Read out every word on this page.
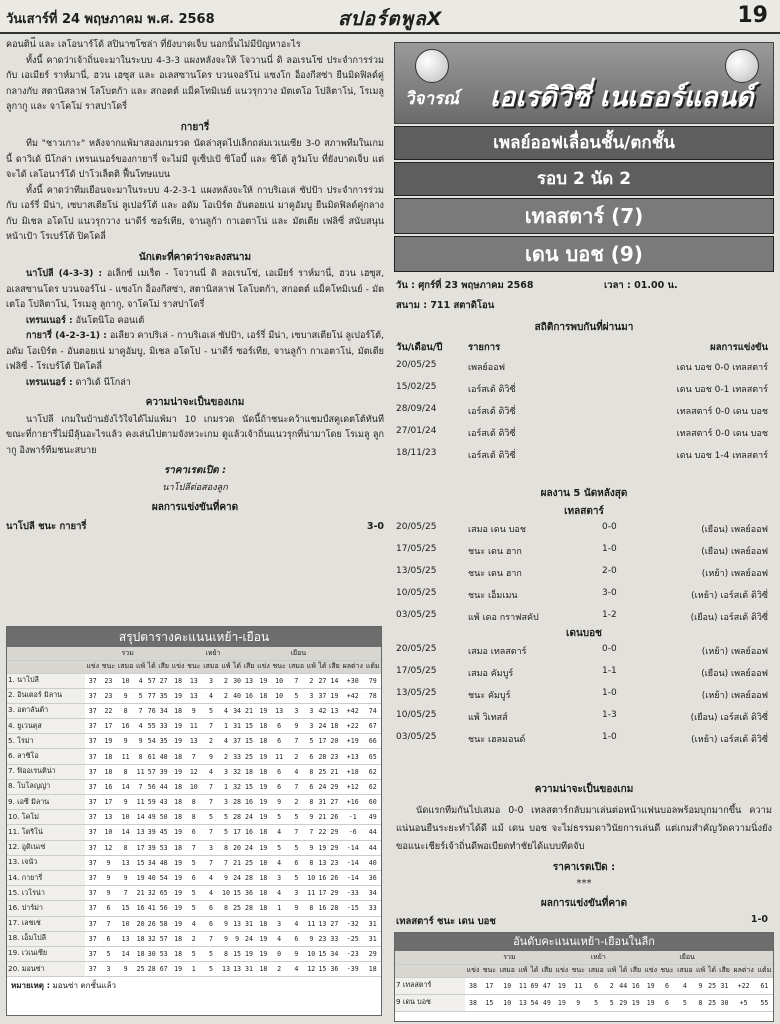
วันเสาร์ที่ 24 พฤษภาคม พ.ศ. 2568	สปอร์ตพูลX	19

คอนติน่ี และ เลโอนาร์โด้ สปินาซโซล่า ที่ยังบาดเจ็บ นอกนั้นไม่มีปัญหาอะไร

ทั้งนี้ คาดว่าเจ้าถิ่นจะมาในระบบ 4-3-3 แผงหลังจะให้ โจวานนี่ ดิ ลอเรนโซ่ ประจำการร่วมกับ เอเมียร์ ราห์มานี่, ฮวน เฮซุส และ อเลสซานโดร บวนจอร์โน่ แซงโก อ็องกีสซ่า ยืนมิดฟิลด์คู่กลางกับ สตานิสลาฟ โลโบตก้า และ สกอตต์ แม็คโทมิเนย์ แนวรุกวาง มัตเตโอ โปลิตาโน่, โรเมลู ลูกากู และ จาโคโม่ ราสปาโดรี่

กายารี่

ทีม "ชาวเกาะ" หลังจากแพ้มาสองเกมรวด นัดล่าสุดไปเล็กถล่มเวเนเซีย 3-0 สภาพทีมในเกมนี้ ดาวิเด้ นีโกล่า เทรนเนอร์ของกายารี่ จะไม่มี จูเซ็ปเป้ ซิโอบี้ และ ซิโต้ ลูวัมโบ ที่ยังบาดเจ็บ แต่จะได้ เลโอนาร์โด้ ปาโวเล็ตติ ฟื้นโทษแบน

ทั้งนี้ คาดว่าทีมเยือนจะมาในระบบ 4-2-3-1 แผงหลังจะให้ กาบริเอเล่ ซัปป้า ประจำการร่วมกับ เอร์รี่ มีน่า, เซบาสเตียโน่ ลูเปอร์โต้ และ อดัม โอเบิร์ต อันตอยเน่ มาคูอัมบู ยืนมิดฟิลด์คู่กลางกับ มิเชล อโดโป แนวรุกวาง นาดีร์ ซอร์เทีย, จานลูก้า กาเอตาโน่ และ มัตเตีย เฟลิซี่ สนับสนุนหน้าเป้า โรเบร์โต้ ปิคโคลี่

นักเตะที่คาดว่าจะลงสนาม

นาโปลี (4-3-3) : อเล็กซ์ เมเร็ต - โจวานนี่ ดิ ลอเรนโซ่, เอเมียร์ ราห์มานี่, ฮวน เฮซุส, อเลสซานโดร บวนจอร์โน่ - แซงโก อ็องกีสซ่า, สตานิสลาฟ โลโบตก้า, สกอตต์ แม็คโทมิเนย์ - มัตเตโอ โปลิตาโน่, โรเมลู ลูกากู, จาโคโม่ ราสปาโดรี่

เทรนเนอร์ : อันโตนิโอ คอนเต้

กายารี่ (4-2-3-1) : อเลียว คาปริเล่ - กาบริเอเล่ ซัปป้า, เอร์รี่ มีน่า, เซบาสเตียโน่ ลูเปอร์โต้, อดัม โอเบิร์ต - อันตอยเน่ มาคูอัมบู, มิเชล อโดโป - นาดีร์ ซอร์เทีย, จานลูก้า กาเอตาโน่, มัตเตีย เฟลิซี่ - โรเบร์โต้ ปิคโคลี่

เทรนเนอร์ : ดาวิเด้ นีโกล่า

ความน่าจะเป็นของเกม

นาโปลี เกมในบ้านยังไว้ใจได้ไม่แพ้มา 10 เกมรวด นัดนี้ถ้าชนะคว้าแชมป์สคูเดตโต้ทันที ขณะที่กายารี่ไม่มีลุ้นอะไรแล้ว คงเล่นไปตามจังหวะเกม ดูแล้วเจ้าถิ่นแนวรุกที่น่ามาโดย โรเมลู ลูกากู อิงพาร์ทีมชนะสบาย

ราคาเรตเปิด :
นาโปลีต่อสองลูก
ผลการแข่งขันที่คาด
นาโปลี ชนะ กายารี่	3-0
สรุปตารางคะแนนเหย้า-เยือน
	รวม						เหย้า						เยือน							
	แข่ง	ชนะ	เสมอ	แพ้	ได้	เสีย	แข่ง	ชนะ	เสมอ	แพ้	ได้	เสีย	แข่ง	ชนะ	เสมอ	แพ้	ได้	เสีย	ผลต่าง	แต้ม
1. นาโปลี	37	23	10	4	57	27	18	13	3	2	30	13	19	10	7	2	27	14	+30	79
2. อินเตอร์ มิลาน	37	23	9	5	77	35	19	13	4	2	40	16	18	10	5	3	37	19	+42	78
3. อตาลันต้า	37	22	8	7	76	34	18	9	5	4	34	21	19	13	3	3	42	13	+42	74
4. ยูเวนตุส	37	17	16	4	55	33	19	11	7	1	31	15	18	6	9	3	24	18	+22	67
5. โรม่า	37	19	9	9	54	35	19	13	2	4	37	15	18	6	7	5	17	20	+19	66
6. ลาซิโอ	37	18	11	8	61	48	18	7	9	2	33	25	19	11	2	6	28	23	+13	65
7. ฟิออเรนติน่า	37	18	8	11	57	39	19	12	4	3	32	18	18	6	4	8	25	21	+18	62
8. โบโลญญ่า	37	16	14	7	56	44	18	10	7	1	32	15	19	6	7	6	24	29	+12	62
9. เอซี มิลาน	37	17	9	11	59	43	18	8	7	3	28	16	19	9	2	8	31	27	+16	60
10. โคโม่	37	13	10	14	49	50	18	8	5	5	28	24	19	5	5	9	21	26	-1	49
11. โตริโน่	37	10	14	13	39	45	19	6	7	5	17	16	18	4	7	7	22	29	-6	44
12. อูดิเนเซ่	37	12	8	17	39	53	18	7	3	8	20	24	19	5	5	9	19	29	-14	44
13. เจนัว	37	9	13	15	34	48	19	5	7	7	21	25	18	4	6	8	13	23	-14	40
14. กายารี่	37	9	9	19	40	54	19	6	4	9	24	28	18	3	5	10	16	26	-14	36
15. เวโรน่า	37	9	7	21	32	65	19	5	4	10	15	36	18	4	3	11	17	29	-33	34
16. ปาร์ม่า	37	6	15	16	41	56	19	5	6	8	25	28	18	1	9	8	16	28	-15	33
17. เลชเช่	37	7	10	20	26	58	19	4	6	9	13	31	18	3	4	11	13	27	-32	31
18. เอ็มโปลี	37	6	13	18	32	57	18	2	7	9	9	24	19	4	6	9	23	33	-25	31
19. เวเนเซีย	37	5	14	18	30	53	18	5	5	8	15	19	19	0	9	10	15	34	-23	29
20. มอนซ่า	37	3	9	25	28	67	19	1	5	13	13	31	18	2	4	12	15	36	-39	18
หมายเหตุ : มอนซ่า ตกชั้นแล้ว
วิจารณ์ เอเรดิวิซี่ เนเธอร์แลนด์
เพลย์ออฟเลื่อนชั้น/ตกชั้น
รอบ 2 นัด 2
เทลสตาร์ (7)
เดน บอช (9)
วัน : ศุกร์ที่ 23 พฤษภาคม 2568	เวลา : 01.00 น.
สนาม : 711 สตาดิโอน
สถิติการพบกันที่ผ่านมา
วัน/เดือน/ปี	รายการ	ผลการแข่งขัน
20/05/25	เพลย์ออฟ	เดน บอช 0-0 เทลสตาร์
15/02/25	เอร์สเต้ ดิวิซี่	เดน บอช 0-1 เทลสตาร์
28/09/24	เอร์สเต้ ดิวิซี่	เทลสตาร์ 0-0 เดน บอช
27/01/24	เอร์สเต้ ดิวิซี่	เทลสตาร์ 0-0 เดน บอช
18/11/23	เอร์สเต้ ดิวิซี่	เดน บอช 1-4 เทลสตาร์
ผลงาน 5 นัดหลังสุด
เทลสตาร์
20/05/25	เสมอ เดน บอช	0-0	(เยือน) เพลย์ออฟ
17/05/25	ชนะ เดน ฮาก	1-0	(เยือน) เพลย์ออฟ
13/05/25	ชนะ เดน ฮาก	2-0	(เหย้า) เพลย์ออฟ
10/05/25	ชนะ เอ็มเมน	3-0	(เหย้า) เอร์สเต้ ดิวิซี่
03/05/25	แพ้ เดอ กราฟสคัป	1-2	(เยือน) เอร์สเต้ ดิวิซี่
เดนบอช
20/05/25	เสมอ เทลสตาร์	0-0	(เหย้า) เพลย์ออฟ
17/05/25	เสมอ คัมบูร์	1-1	(เยือน) เพลย์ออฟ
13/05/25	ชนะ คัมบูร์	1-0	(เหย้า) เพลย์ออฟ
10/05/25	แพ้ วิเทสส์	1-3	(เยือน) เอร์สเต้ ดิวิซี่
03/05/25	ชนะ เฮลมอนด์	1-0	(เหย้า) เอร์สเต้ ดิวิซี่
ความน่าจะเป็นของเกม

นัดแรกทีมกันไปเสมอ 0-0 เทลสตาร์กลับมาเล่นต่อหน้าแฟนบอลพร้อมบุกมากขึ้น ความแน่นอนยืนระยะทำได้ดี แม้ เดน บอช จะไม่ธรรมดาวินัยการเล่นดี แต่เกมสำคัญวัดความนิ่งยังขอแนะเชียร์เจ้าถิ่นดีพอเบียดทำชัยได้แบบทีดจับ

ราคาเรตเปิด :
***
ผลการแข่งขันที่คาด
เทลสตาร์ ชนะ เดน บอช	1-0
อันดับคะแนนเหย้า-เยือนในลีก
	รวม						เหย้า						เยือน							
	แข่ง	ชนะ	เสมอ	แพ้	ได้	เสีย	แข่ง	ชนะ	เสมอ	แพ้	ได้	เสีย	แข่ง	ชนะ	เสมอ	แพ้	ได้	เสีย	ผลต่าง	แต้ม
7 เทลสตาร์	38	17	10	11	69	47	19	11	6	2	44	16	19	6	4	9	25	31	+22	61
9 เดน บอช	38	15	10	13	54	49	19	9	5	5	29	19	19	6	5	8	25	30	+5	55
